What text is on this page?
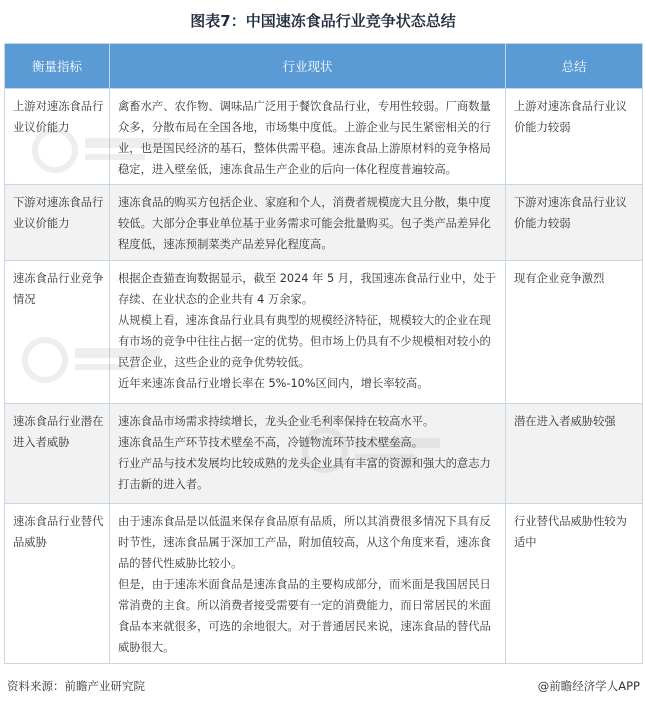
图表7：中国速冻食品行业竞争状态总结
衡量指标	行业现状	总结

上游对速冻食品行业议价能力	禽畜水产、农作物、调味品广泛用于餐饮食品行业，专用性较弱。厂商数量众多，分散布局在全国各地，市场集中度低。上游企业与民生紧密相关的行业，也是国民经济的基石，整体供需平稳。速冻食品上游原材料的竞争格局稳定，进入壁垒低，速冻食品生产企业的后向一体化程度普遍较高。	上游对速冻食品行业议价能力较弱

下游对速冻食品行业议价能力	速冻食品的购买方包括企业、家庭和个人，消费者规模庞大且分散，集中度较低。大部分企事业单位基于业务需求可能会批量购买。包子类产品差异化程度低，速冻预制菜类产品差异化程度高。	下游对速冻食品行业议价能力较弱

速冻食品行业竞争情况	根据企查猫查询数据显示，截至 2024 年 5 月，我国速冻食品行业中，处于存续、在业状态的企业共有 4 万余家。
从规模上看，速冻食品行业具有典型的规模经济特征，规模较大的企业在现有市场的竞争中往往占据一定的优势。但市场上仍具有不少规模相对较小的民营企业，这些企业的竞争优势较低。
近年来速冻食品行业增长率在 5%-10%区间内，增长率较高。	现有企业竞争激烈

速冻食品行业潜在进入者威胁	速冻食品市场需求持续增长，龙头企业毛利率保持在较高水平。
速冻食品生产环节技术壁垒不高，冷链物流环节技术壁垒高。
行业产品与技术发展均比较成熟的龙头企业具有丰富的资源和强大的意志力打击新的进入者。	潜在进入者威胁较强

速冻食品行业替代品威胁	由于速冻食品是以低温来保存食品原有品质，所以其消费很多情况下具有反时节性，速冻食品属于深加工产品，附加值较高，从这个角度来看，速冻食品的替代性威胁比较小。
但是，由于速冻米面食品是速冻食品的主要构成部分，而米面是我国居民日常消费的主食。所以消费者接受需要有一定的消费能力，而日常居民的米面食品本来就很多，可选的余地很大。对于普通居民来说，速冻食品的替代品威胁很大。	行业替代品威胁性较为适中
资料来源：前瞻产业研究院	@前瞻经济学人APP
